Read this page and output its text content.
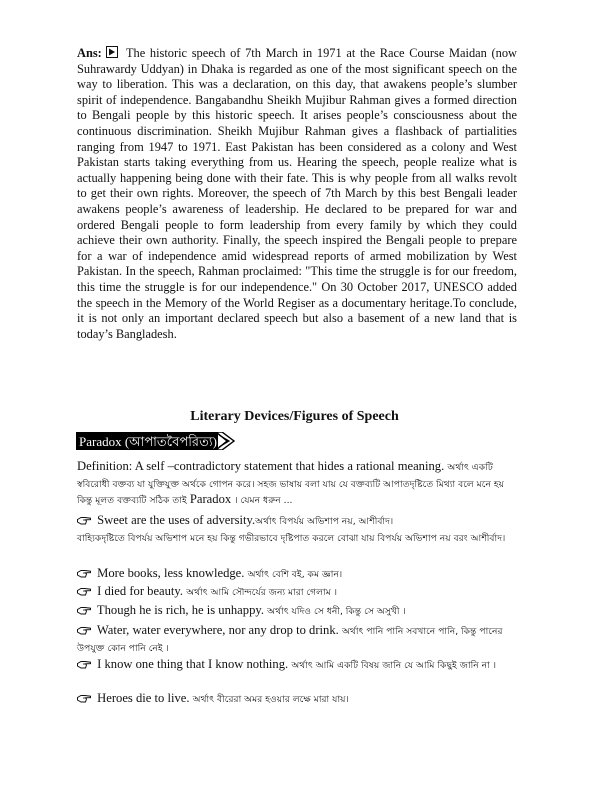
Ans: The historic speech of 7th March in 1971 at the Race Course Maidan (now Suhrawardy Uddyan) in Dhaka is regarded as one of the most significant speech on the way to liberation. This was a declaration, on this day, that awakens people’s slumber spirit of independence. Bangabandhu Sheikh Mujibur Rahman gives a formed direction to Bengali people by this historic speech. It arises people’s consciousness about the continuous discrimination. Sheikh Mujibur Rahman gives a flashback of partialities ranging from 1947 to 1971. East Pakistan has been considered as a colony and West Pakistan starts taking everything from us. Hearing the speech, people realize what is actually happening being done with their fate. This is why people from all walks revolt to get their own rights. Moreover, the speech of 7th March by this best Bengali leader awakens people’s awareness of leadership. He declared to be prepared for war and ordered Bengali people to form leadership from every family by which they could achieve their own authority. Finally, the speech inspired the Bengali people to prepare for a war of independence amid widespread reports of armed mobilization by West Pakistan. In the speech, Rahman proclaimed: "This time the struggle is for our freedom, this time the struggle is for our independence." On 30 October 2017, UNESCO added the speech in the Memory of the World Regiser as a documentary heritage.To conclude, it is not only an important declared speech but also a basement of a new land that is today’s Bangladesh.
Literary Devices/Figures of Speech
Paradox (আপাতবৈপরিত্য)
Definition: A self –contradictory statement that hides a rational meaning. অর্থাৎ একটি স্ববিরোধী বক্তব্য যা যুক্তিযুক্ত অর্থকে গোপন করে। সহজ ভাষায় বলা যায় যে বক্তব্যটি আপাতদৃষ্টিতে মিথ্যা বলে মনে হয় কিন্তু মূলত বক্তব্যটি সঠিক তাই Paradox । যেমন ধরুন ...
Sweet are the uses of adversity.অর্থাৎ বিপর্যয় অভিশাপ নয়, আশীর্বাদ।
বাহ্যিকদৃষ্টিতে বিপর্যয় অভিশাপ মনে হয় কিন্তু গভীরভাবে দৃষ্টিপাত করলে বোঝা যায় বিপর্যয় অভিশাপ নয় বরং আশীর্বাদ।
More books, less knowledge. অর্থাৎ বেশি বই, কম জ্ঞান।
I died for beauty. অর্থাৎ আমি সৌন্দর্যের জন্য মারা গেলাম ।
Though he is rich, he is unhappy. অর্থাৎ যদিও সে ধনী, কিন্তু সে অসুখী ।
Water, water everywhere, nor any drop to drink. অর্থাৎ পানি পানি সবখানে পানি, কিন্তু পানের উপযুক্ত কোন পানি নেই ।
I know one thing that I know nothing. অর্থাৎ আমি একটি বিষয় জানি যে আমি কিছুই জানি না ।
Heroes die to live. অর্থাৎ বীরেরা অমর হওয়ার লক্ষে মারা যায়।
